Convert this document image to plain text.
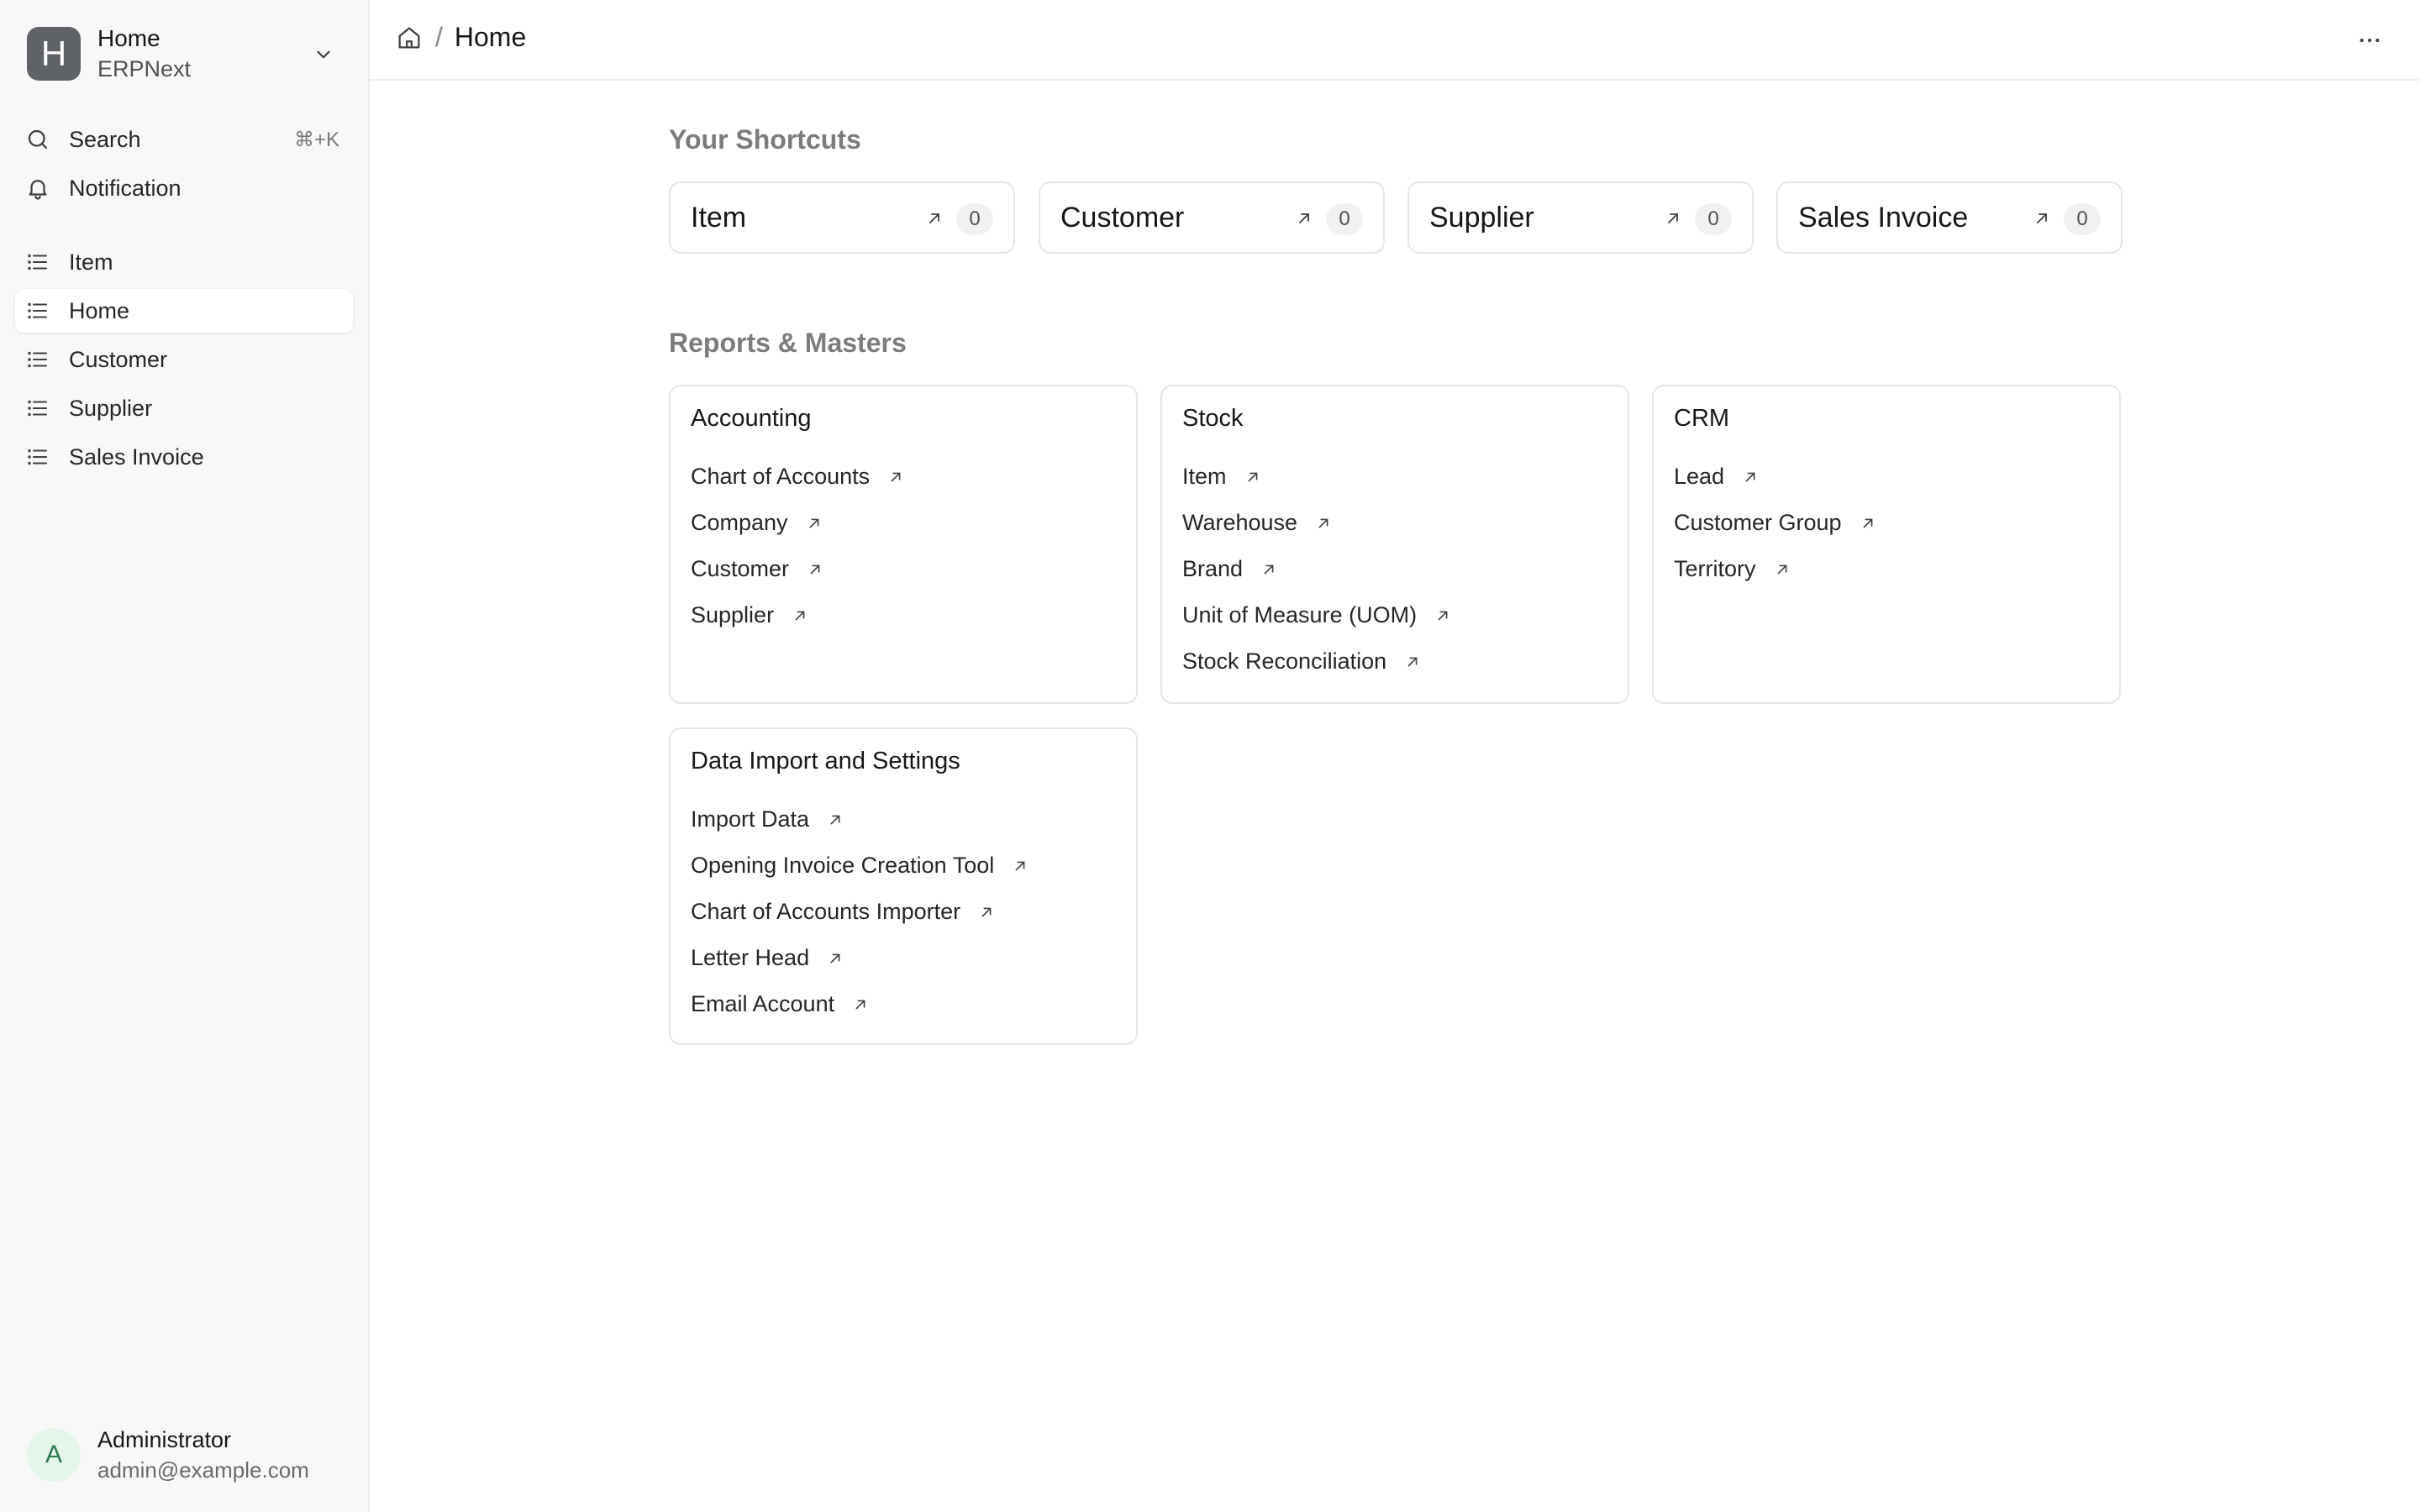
H	Home
ERPNext
Search	⌘+K
Notification
Item
Home
Customer
Supplier
Sales Invoice
A
Administrator
admin@example.com
/ Home
Your Shortcuts
Item	0	Customer	0	Supplier	0	Sales Invoice	0
Reports & Masters
Accounting
Chart of Accounts
Company
Customer
Supplier
Stock
Item
Warehouse
Brand
Unit of Measure (UOM)
Stock Reconciliation
CRM
Lead
Customer Group
Territory
Data Import and Settings
Import Data
Opening Invoice Creation Tool
Chart of Accounts Importer
Letter Head
Email Account
